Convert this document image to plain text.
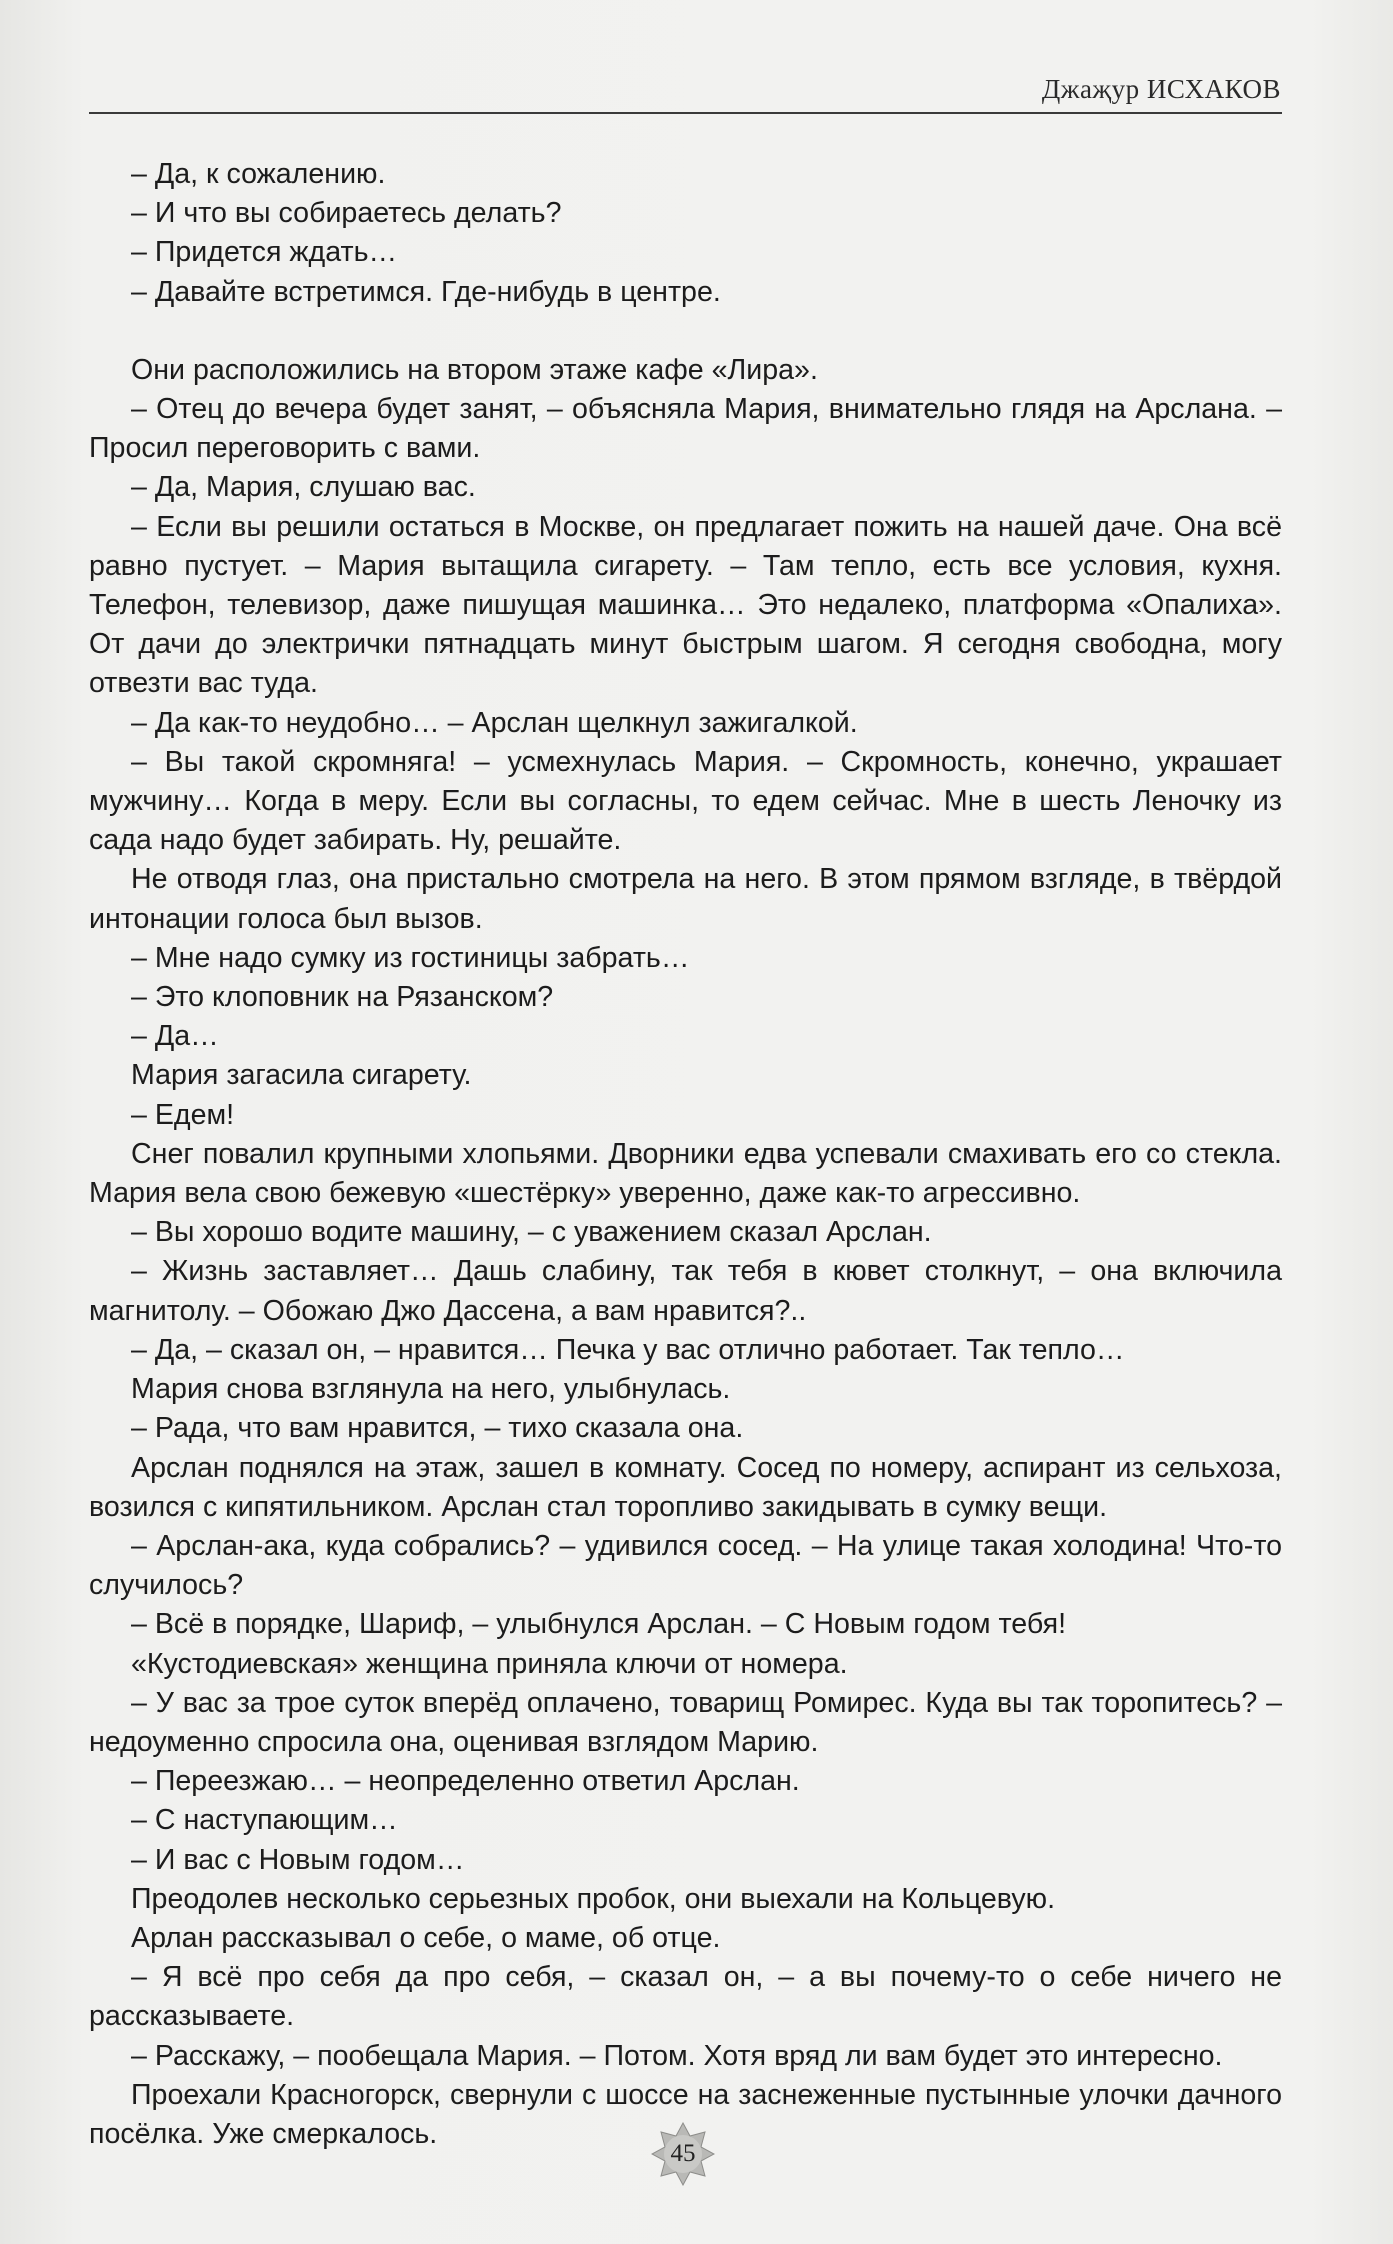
Джаҗур ИСХАКОВ

– Да, к сожалению.

– И что вы собираетесь делать?

– Придется ждать…

– Давайте встретимся. Где-нибудь в центре.

Они расположились на втором этаже кафе «Лира».

– Отец до вечера будет занят, – объясняла Мария, внимательно глядя на Арслана. – Просил переговорить с вами.

– Да, Мария, слушаю вас.

– Если вы решили остаться в Москве, он предлагает пожить на нашей даче. Она всё равно пустует. – Мария вытащила сигарету. – Там тепло, есть все условия, кухня. Телефон, телевизор, даже пишущая машинка… Это недалеко, платформа «Опалиха». От дачи до электрички пятнадцать минут быстрым шагом. Я сегодня свободна, могу отвезти вас туда.

– Да как-то неудобно… – Арслан щелкнул зажигалкой.

– Вы такой скромняга! – усмехнулась Мария. – Скромность, конечно, украшает мужчину… Когда в меру. Если вы согласны, то едем сейчас. Мне в шесть Леночку из сада надо будет забирать. Ну, решайте.

Не отводя глаз, она пристально смотрела на него. В этом прямом взгляде, в твёрдой интонации голоса был вызов.

– Мне надо сумку из гостиницы забрать…

– Это клоповник на Рязанском?

– Да…

Мария загасила сигарету.

– Едем!

Снег повалил крупными хлопьями. Дворники едва успевали смахивать его со стекла. Мария вела свою бежевую «шестёрку» уверенно, даже как-то агрессивно.

– Вы хорошо водите машину, – с уважением сказал Арслан.

– Жизнь заставляет… Дашь слабину, так тебя в кювет столкнут, – она включила магнитолу. – Обожаю Джо Дассена, а вам нравится?..

– Да, – сказал он, – нравится… Печка у вас отлично работает. Так тепло…

Мария снова взглянула на него, улыбнулась.

– Рада, что вам нравится, – тихо сказала она.

Арслан поднялся на этаж, зашел в комнату. Сосед по номеру, аспирант из сельхоза, возился с кипятильником. Арслан стал торопливо закидывать в сумку вещи.

– Арслан-ака, куда собрались? – удивился сосед. – На улице такая холодина! Что-то случилось?

– Всё в порядке, Шариф, – улыбнулся Арслан. – С Новым годом тебя!

«Кустодиевская» женщина приняла ключи от номера.

– У вас за трое суток вперёд оплачено, товарищ Ромирес. Куда вы так торопитесь? – недоуменно спросила она, оценивая взглядом Марию.

– Переезжаю… – неопределенно ответил Арслан.

– С наступающим…

– И вас с Новым годом…

Преодолев несколько серьезных пробок, они выехали на Кольцевую.

Арлан рассказывал о себе, о маме, об отце.

– Я всё про себя да про себя, – сказал он, – а вы почему-то о себе ничего не рассказываете.

– Расскажу, – пообещала Мария. – Потом. Хотя вряд ли вам будет это интересно.

Проехали Красногорск, свернули с шоссе на заснеженные пустынные улочки дачного посёлка. Уже смеркалось.

45
